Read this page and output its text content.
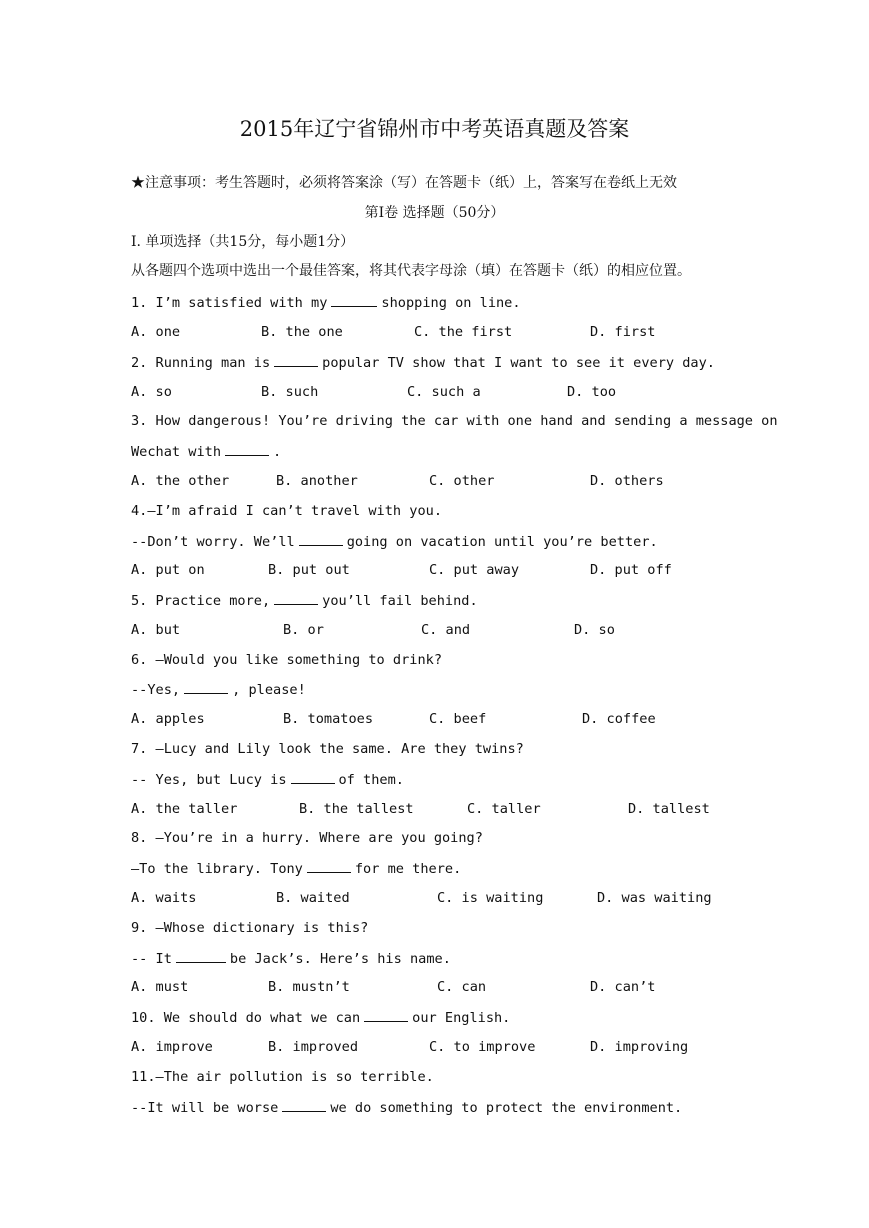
2015年辽宁省锦州市中考英语真题及答案
★注意事项：考生答题时，必须将答案涂（写）在答题卡（纸）上，答案写在卷纸上无效
第Ⅰ卷 选择题（50分）
Ⅰ. 单项选择（共15分，每小题1分）
从各题四个选项中选出一个最佳答案，将其代表字母涂（填）在答题卡（纸）的相应位置。
1. I’m satisfied with my	shopping on line.
A. one	B. the one	C. the first	D. first
2. Running man is	popular TV show that I want to see it every day.
A. so	B. such	C. such a	D. too
3. How dangerous! You’re driving the car with one hand and sending a message on
Wechat with	.
A. the other	B. another	C. other	D. others
4.—I’m afraid I can’t travel with you.
--Don’t worry. We’ll	going on vacation until you’re better.
A. put on	B. put out	C. put away	D. put off
5. Practice more,	you’ll fail behind.
A. but	B. or	C. and	D. so
6. –Would you like something to drink?
--Yes,	, please!
A. apples	B. tomatoes	C. beef	D. coffee
7. –Lucy and Lily look the same. Are they twins?
-- Yes, but Lucy is	of them.
A. the taller	B. the tallest	C. taller	D. tallest
8. –You’re in a hurry. Where are you going?
—To the library. Tony	for me there.
A. waits	B. waited	C. is waiting	D. was waiting
9. –Whose dictionary is this?
-- It	be Jack’s. Here’s his name.
A. must	B. mustn’t	C. can	D. can’t
10. We should do what we can	our English.
A. improve	B. improved	C. to improve	D. improving
11.—The air pollution is so terrible.
--It will be worse	we do something to protect the environment.
